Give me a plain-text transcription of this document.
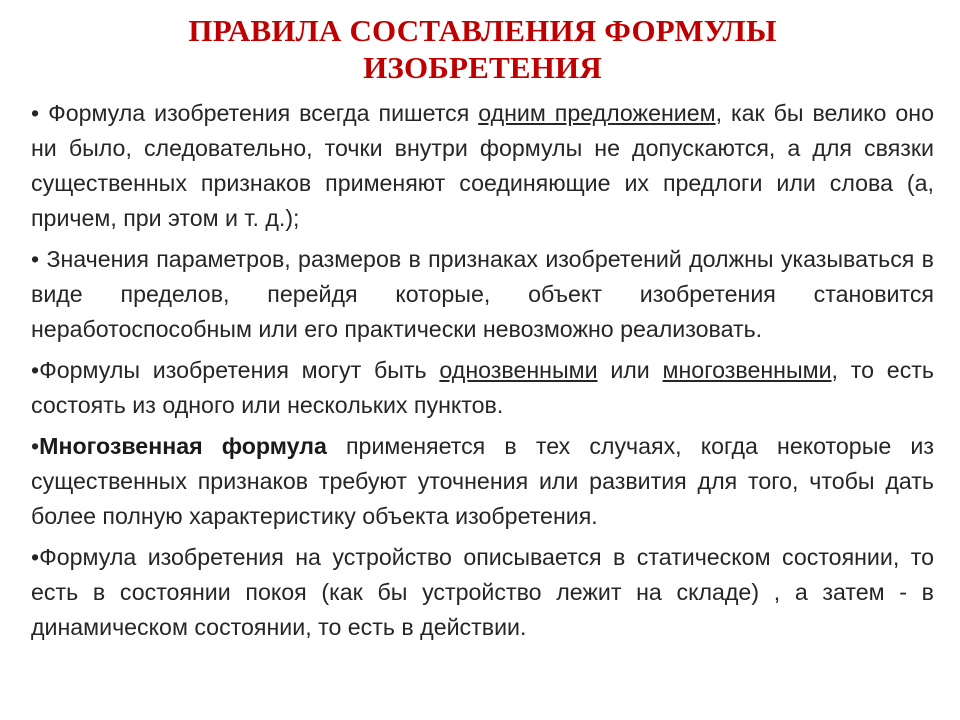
ПРАВИЛА СОСТАВЛЕНИЯ ФОРМУЛЫ ИЗОБРЕТЕНИЯ

• Формула изобретения всегда пишется одним предложением, как бы велико оно ни было, следовательно, точки внутри формулы не допускаются, а для связки существенных признаков применяют соединяющие их предлоги или слова (а, причем, при этом и т. д.);

• Значения параметров, размеров в признаках изобретений должны указываться в виде пределов, перейдя которые, объект изобретения становится неработоспособным или его практически невозможно реализовать.

•Формулы изобретения могут быть однозвенными или многозвенными, то есть состоять из одного или нескольких пунктов.

•Многозвенная формула применяется в тех случаях, когда некоторые из существенных признаков требуют уточнения или развития для того, чтобы дать более полную характеристику объекта изобретения.

•Формула изобретения на устройство описывается в статическом состоянии, то есть в состоянии покоя (как бы устройство лежит на складе) , а затем - в динамическом состоянии, то есть в действии.
